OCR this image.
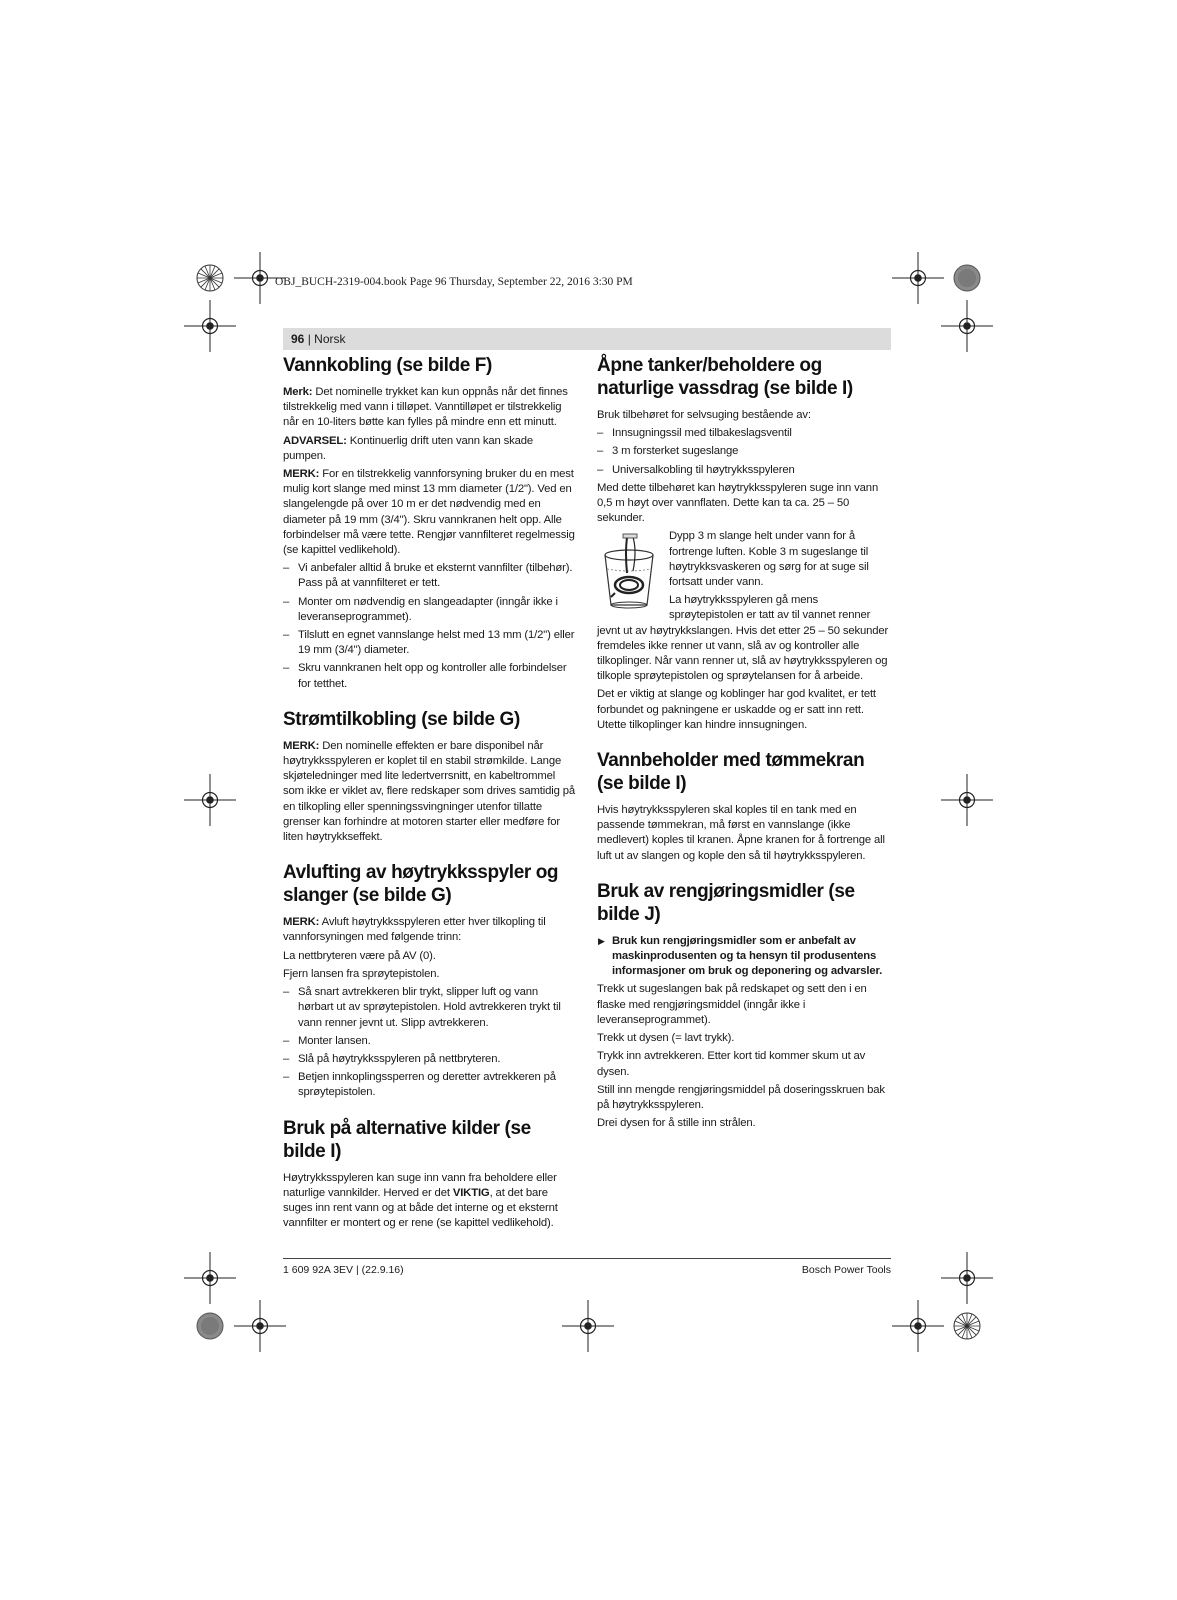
OBJ_BUCH-2319-004.book Page 96 Thursday, September 22, 2016 3:30 PM
96 | Norsk
Vannkobling (se bilde F)

Merk: Det nominelle trykket kan kun oppnås når det finnes tilstrekkelig med vann i tilløpet. Vanntilløpet er tilstrekkelig når en 10-liters bøtte kan fylles på mindre enn ett minutt.

ADVARSEL: Kontinuerlig drift uten vann kan skade pumpen.

MERK: For en tilstrekkelig vannforsyning bruker du en mest mulig kort slange med minst 13 mm diameter (1/2"). Ved en slangelengde på over 10 m er det nødvendig med en diameter på 19 mm (3/4"). Skru vannkranen helt opp. Alle forbindelser må være tette. Rengjør vannfilteret regelmessig (se kapittel vedlikehold).

– Vi anbefaler alltid å bruke et eksternt vannfilter (tilbehør). Pass på at vannfilteret er tett.
– Monter om nødvendig en slangeadapter (inngår ikke i leveranseprogrammet).
– Tilslutt en egnet vannslange helst med 13 mm (1/2") eller 19 mm (3/4") diameter.
– Skru vannkranen helt opp og kontroller alle forbindelser for tetthet.
Strømtilkobling (se bilde G)

MERK: Den nominelle effekten er bare disponibel når høytrykksspyleren er koplet til en stabil strømkilde. Lange skjøteledninger med lite ledertverrsnitt, en kabeltrommel som ikke er viklet av, flere redskaper som drives samtidig på en tilkopling eller spenningssvingninger utenfor tillatte grenser kan forhindre at motoren starter eller medføre for liten høytrykkseffekt.

Avlufting av høytrykksspyler og slanger (se bilde G)

MERK: Avluft høytrykksspyleren etter hver tilkopling til vannforsyningen med følgende trinn:

La nettbryteren være på AV (0).

Fjern lansen fra sprøytepistolen.

– Så snart avtrekkeren blir trykt, slipper luft og vann hørbart ut av sprøytepistolen. Hold avtrekkeren trykt til vann renner jevnt ut. Slipp avtrekkeren.
– Monter lansen.
– Slå på høytrykksspyleren på nettbryteren.
– Betjen innkoplingssperren og deretter avtrekkeren på sprøytepistolen.
Bruk på alternative kilder (se bilde I)

Høytrykksspyleren kan suge inn vann fra beholdere eller naturlige vannkilder. Herved er det VIKTIG, at det bare suges inn rent vann og at både det interne og et eksternt vannfilter er montert og er rene (se kapittel vedlikehold).

Åpne tanker/beholdere og naturlige vassdrag (se bilde I)

Bruk tilbehøret for selvsuging bestående av:

– Innsugningssil med tilbakeslagsventil
– 3 m forsterket sugeslange
– Universalkobling til høytrykksspyleren

Med dette tilbehøret kan høytrykksspyleren suge inn vann 0,5 m høyt over vannflaten. Dette kan ta ca. 25 – 50 sekunder.

Dypp 3 m slange helt under vann for å fortrenge luften. Koble 3 m sugeslange til høytrykksvaskeren og sørg for at suge sil fortsatt under vann.

La høytrykksspyleren gå mens sprøytepistolen er tatt av til vannet renner jevnt ut av høytrykkslangen. Hvis det etter 25 – 50 sekunder fremdeles ikke renner ut vann, slå av og kontroller alle tilkoplinger. Når vann renner ut, slå av høytrykksspyleren og tilkople sprøytepistolen og sprøytelansen for å arbeide.

Det er viktig at slange og koblinger har god kvalitet, er tett forbundet og pakningene er uskadde og er satt inn rett. Utette tilkoplinger kan hindre innsugningen.

Vannbeholder med tømmekran (se bilde I)

Hvis høytrykksspyleren skal koples til en tank med en passende tømmekran, må først en vannslange (ikke medlevert) koples til kranen. Åpne kranen for å fortrenge all luft ut av slangen og kople den så til høytrykksspyleren.

Bruk av rengjøringsmidler (se bilde J)
▶ Bruk kun rengjøringsmidler som er anbefalt av maskinprodusenten og ta hensyn til produsentens informasjoner om bruk og deponering og advarsler.

Trekk ut sugeslangen bak på redskapet og sett den i en flaske med rengjøringsmiddel (inngår ikke i leveranseprogrammet).

Trekk ut dysen (= lavt trykk).

Trykk inn avtrekkeren. Etter kort tid kommer skum ut av dysen.

Still inn mengde rengjøringsmiddel på doseringsskruen bak på høytrykksspyleren.

Drei dysen for å stille inn strålen.

1 609 92A 3EV | (22.9.16)	Bosch Power Tools
